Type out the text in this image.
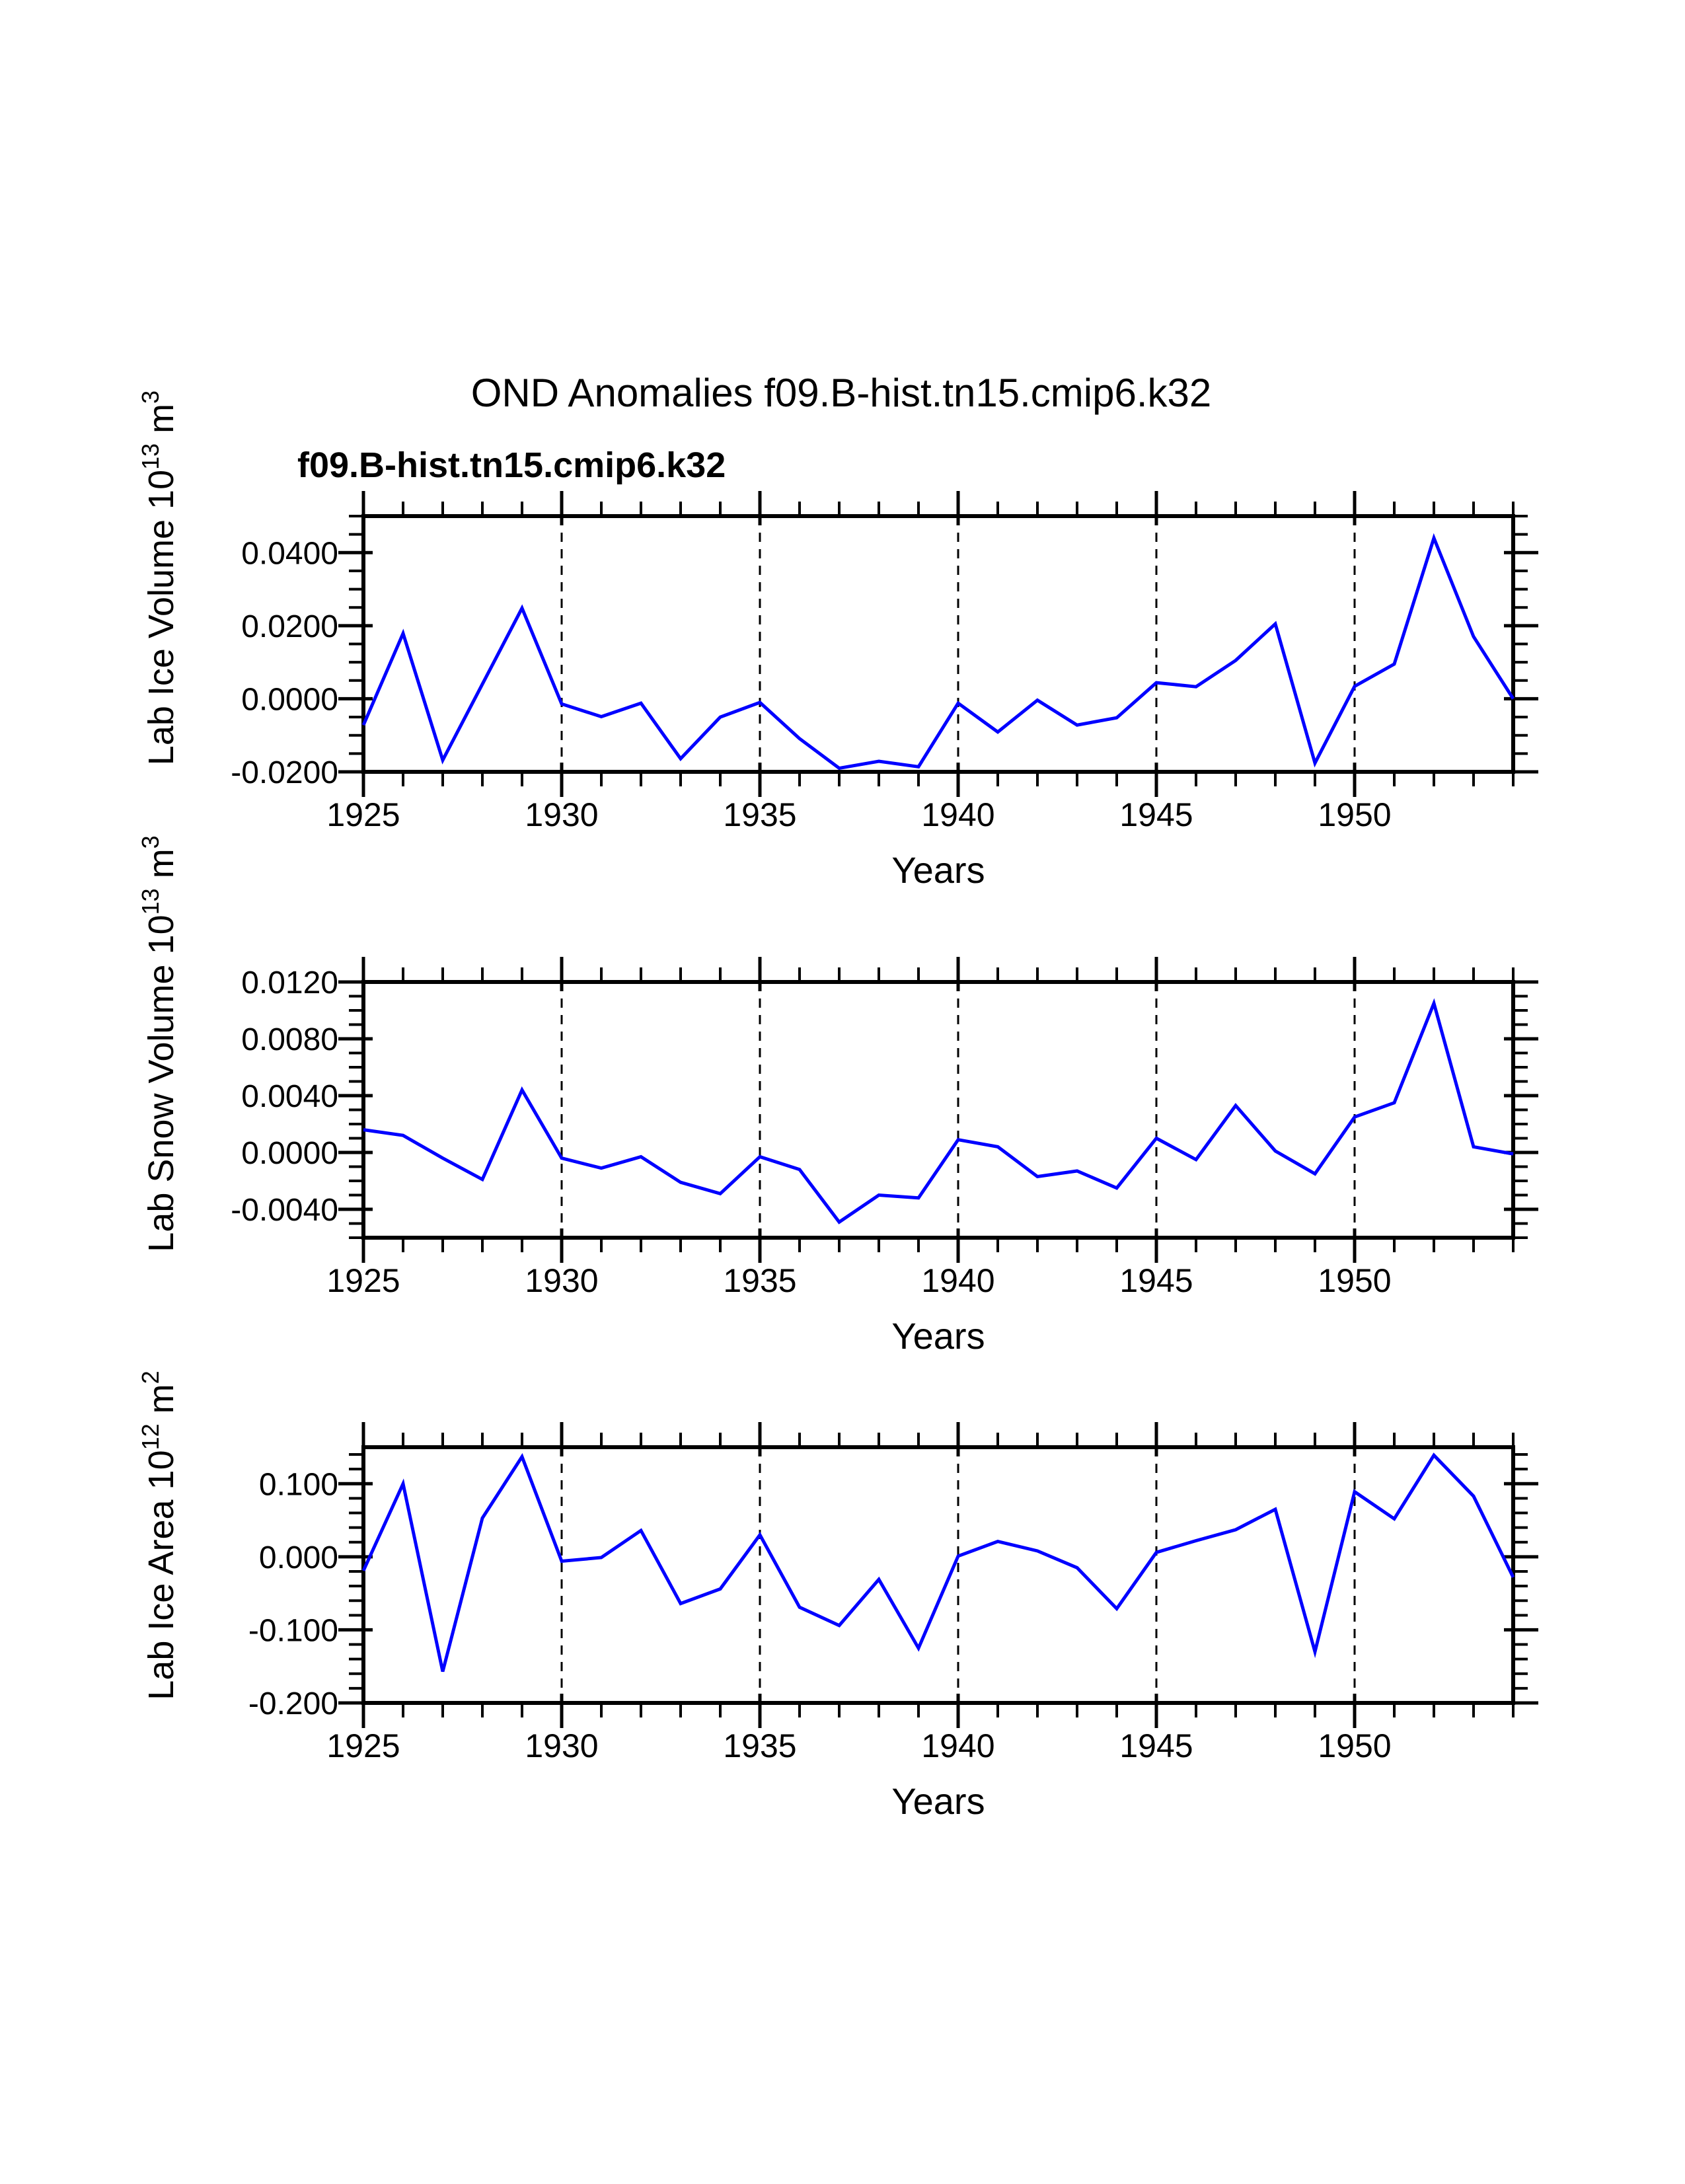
OND Anomalies f09.B-hist.tn15.cmip6.k32
f09.B-hist.tn15.cmip6.k32
0.0400
0.0200
0.0000
-0.0200
1925	1930	1935	1940	1945	1950
Years
Lab Ice Volume $10^{13}$ $m^3$
0.0120
0.0080
0.0040
0.0000
-0.0040
1925	1930	1935	1940	1945	1950
Years
Lab Snow Volume $10^{13}$ $m^3$
0.100
0.000
-0.100
-0.200
1925	1930	1935	1940	1945	1950
Years
Lab Ice Area $10^{12}$ $m^2$
